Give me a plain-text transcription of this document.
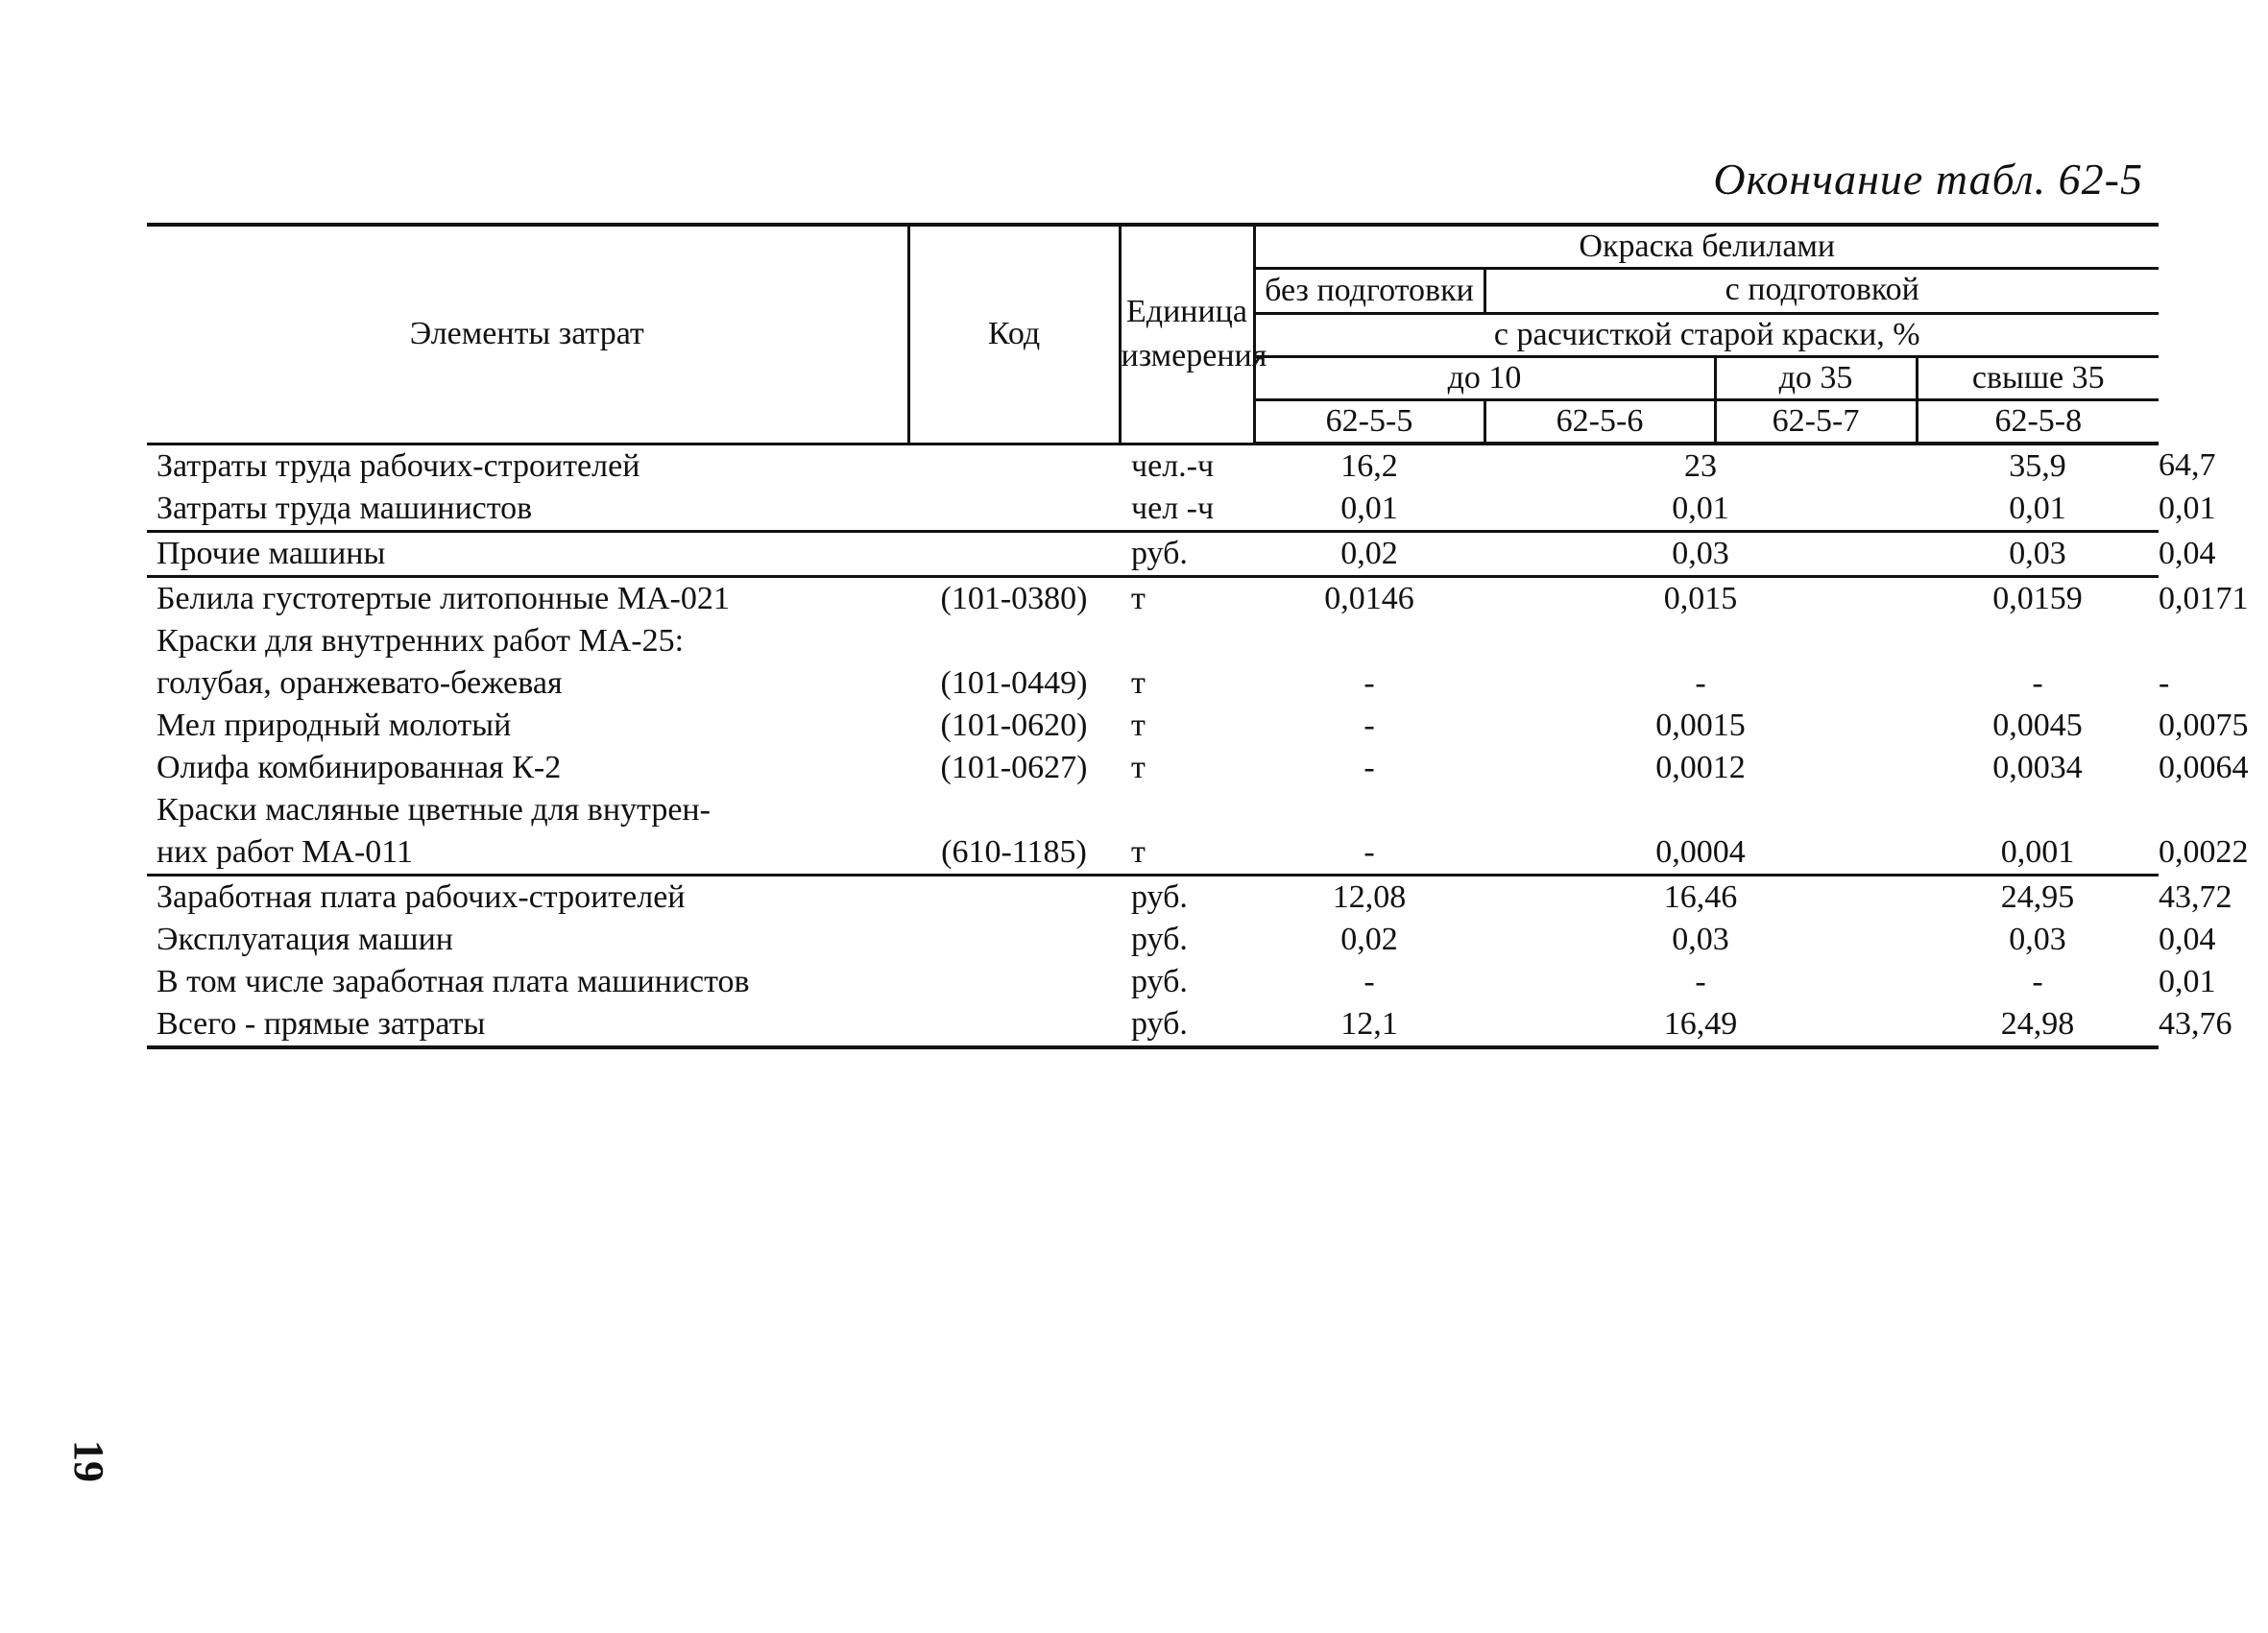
Окончание табл. 62-5
Элементы затрат	Код	Единица измерения	Окраска белилами				
			без подготовки	с подготовкой			
			с расчисткой старой краски, %				
			до 10		до 35	свыше 35	
			62-5-5	62-5-6	62-5-7	62-5-8	
Затраты труда рабочих-строителей		чел.-ч	16,2	23		35,9	64,7
Затраты труда машинистов		чел -ч	0,01	0,01		0,01	0,01
Прочие машины		руб.	0,02	0,03		0,03	0,04
Белила густотертые литопонные МА-021	(101-0380)	т	0,0146	0,015		0,0159	0,0171
Краски для внутренних работ МА-25:							
голубая, оранжевато-бежевая	(101-0449)	т	-	-		-	-
Мел природный молотый	(101-0620)	т	-	0,0015		0,0045	0,0075
Олифа комбинированная К-2	(101-0627)	т	-	0,0012		0,0034	0,0064
Краски масляные цветные для внутрен-							
них работ МА-011	(610-1185)	т	-	0,0004		0,001	0,0022
Заработная плата рабочих-строителей		руб.	12,08	16,46		24,95	43,72
Эксплуатация машин		руб.	0,02	0,03		0,03	0,04
В том числе заработная плата машинистов		руб.	-	-		-	0,01
Всего - прямые затраты		руб.	12,1	16,49		24,98	43,76
19
